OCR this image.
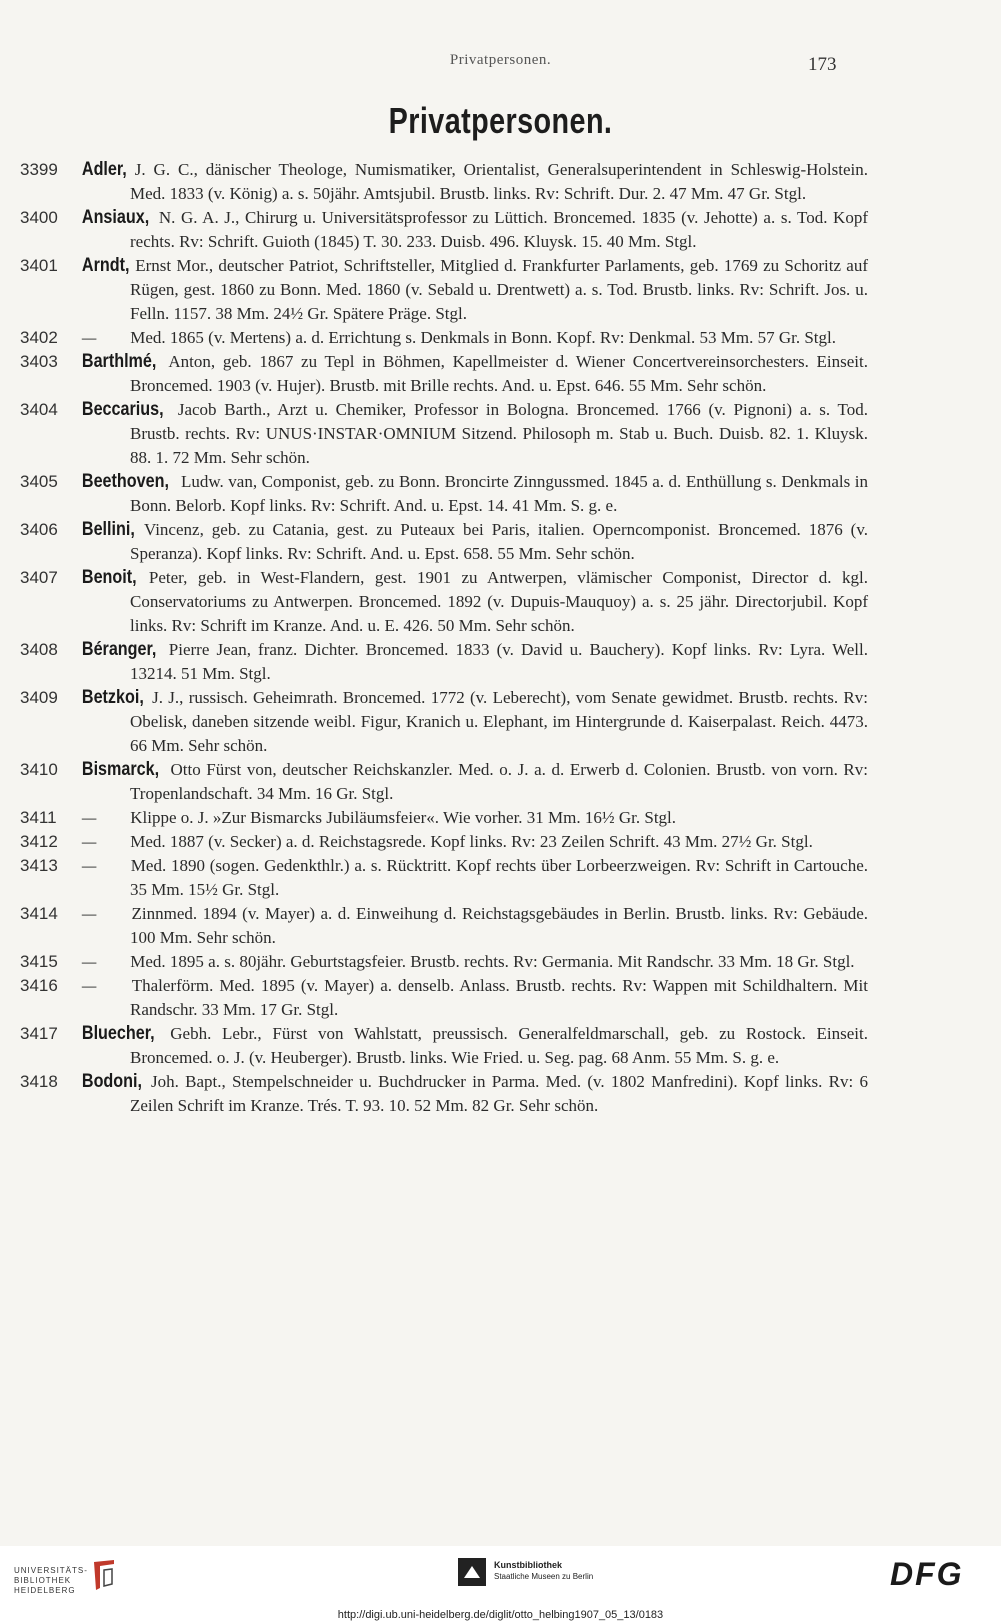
Privatpersonen.	173
Privatpersonen.
3399	Adler, J. G. C., dänischer Theologe, Numismatiker, Orientalist, Generalsuperintendent in Schleswig-Holstein. Med. 1833 (v. König) a. s. 50jähr. Amtsjubil. Brustb. links. Rv: Schrift. Dur. 2. 47 Mm. 47 Gr. Stgl.

3400	Ansiaux, N. G. A. J., Chirurg u. Universitätsprofessor zu Lüttich. Broncemed. 1835 (v. Jehotte) a. s. Tod. Kopf rechts. Rv: Schrift. Guioth (1845) T. 30. 233. Duisb. 496. Kluysk. 15. 40 Mm. Stgl.

3401	Arndt, Ernst Mor., deutscher Patriot, Schriftsteller, Mitglied d. Frankfurter Parlaments, geb. 1769 zu Schoritz auf Rügen, gest. 1860 zu Bonn. Med. 1860 (v. Sebald u. Drentwett) a. s. Tod. Brustb. links. Rv: Schrift. Jos. u. Felln. 1157. 38 Mm. 24½ Gr. Spätere Präge. Stgl.

3402	— Med. 1865 (v. Mertens) a. d. Errichtung s. Denkmals in Bonn. Kopf. Rv: Denkmal. 53 Mm. 57 Gr. Stgl.

3403	Barthlmé, Anton, geb. 1867 zu Tepl in Böhmen, Kapellmeister d. Wiener Concertvereinsorchesters. Einseit. Broncemed. 1903 (v. Hujer). Brustb. mit Brille rechts. And. u. Epst. 646. 55 Mm. Sehr schön.

3404	Beccarius, Jacob Barth., Arzt u. Chemiker, Professor in Bologna. Broncemed. 1766 (v. Pignoni) a. s. Tod. Brustb. rechts. Rv: UNUS·INSTAR·OMNIUM Sitzend. Philosoph m. Stab u. Buch. Duisb. 82. 1. Kluysk. 88. 1. 72 Mm. Sehr schön.

3405	Beethoven, Ludw. van, Componist, geb. zu Bonn. Broncirte Zinngussmed. 1845 a. d. Enthüllung s. Denkmals in Bonn. Belorb. Kopf links. Rv: Schrift. And. u. Epst. 14. 41 Mm. S. g. e.

3406	Bellini, Vincenz, geb. zu Catania, gest. zu Puteaux bei Paris, italien. Operncomponist. Broncemed. 1876 (v. Speranza). Kopf links. Rv: Schrift. And. u. Epst. 658. 55 Mm. Sehr schön.

3407	Benoit, Peter, geb. in West-Flandern, gest. 1901 zu Antwerpen, vlämischer Componist, Director d. kgl. Conservatoriums zu Antwerpen. Broncemed. 1892 (v. Dupuis-Mauquoy) a. s. 25 jähr. Directorjubil. Kopf links. Rv: Schrift im Kranze. And. u. E. 426. 50 Mm. Sehr schön.

3408	Béranger, Pierre Jean, franz. Dichter. Broncemed. 1833 (v. David u. Bauchery). Kopf links. Rv: Lyra. Well. 13214. 51 Mm. Stgl.

3409	Betzkoi, J. J., russisch. Geheimrath. Broncemed. 1772 (v. Leberecht), vom Senate gewidmet. Brustb. rechts. Rv: Obelisk, daneben sitzende weibl. Figur, Kranich u. Elephant, im Hintergrunde d. Kaiserpalast. Reich. 4473. 66 Mm. Sehr schön.

3410	Bismarck, Otto Fürst von, deutscher Reichskanzler. Med. o. J. a. d. Erwerb d. Colonien. Brustb. von vorn. Rv: Tropenlandschaft. 34 Mm. 16 Gr. Stgl.

3411	— Klippe o. J. »Zur Bismarcks Jubiläumsfeier«. Wie vorher. 31 Mm. 16½ Gr. Stgl.

3412	— Med. 1887 (v. Secker) a. d. Reichstagsrede. Kopf links. Rv: 23 Zeilen Schrift. 43 Mm. 27½ Gr. Stgl.

3413	— Med. 1890 (sogen. Gedenkthlr.) a. s. Rücktritt. Kopf rechts über Lorbeerzweigen. Rv: Schrift in Cartouche. 35 Mm. 15½ Gr. Stgl.

3414	— Zinnmed. 1894 (v. Mayer) a. d. Einweihung d. Reichstagsgebäudes in Berlin. Brustb. links. Rv: Gebäude. 100 Mm. Sehr schön.

3415	— Med. 1895 a. s. 80jähr. Geburtstagsfeier. Brustb. rechts. Rv: Germania. Mit Randschr. 33 Mm. 18 Gr. Stgl.

3416	— Thalerförm. Med. 1895 (v. Mayer) a. denselb. Anlass. Brustb. rechts. Rv: Wappen mit Schildhaltern. Mit Randschr. 33 Mm. 17 Gr. Stgl.

3417	Bluecher, Gebh. Lebr., Fürst von Wahlstatt, preussisch. Generalfeldmarschall, geb. zu Rostock. Einseit. Broncemed. o. J. (v. Heuberger). Brustb. links. Wie Fried. u. Seg. pag. 68 Anm. 55 Mm. S. g. e.

3418	Bodoni, Joh. Bapt., Stempelschneider u. Buchdrucker in Parma. Med. (v. 1802 Manfredini). Kopf links. Rv: 6 Zeilen Schrift im Kranze. Trés. T. 93. 10. 52 Mm. 82 Gr. Sehr schön.

UNIVERSITÄTS-
BIBLIOTHEK
HEIDELBERG
Kunstbibliothek
Staatliche Museen zu Berlin	DFG
http://digi.ub.uni-heidelberg.de/diglit/otto_helbing1907_05_13/0183
